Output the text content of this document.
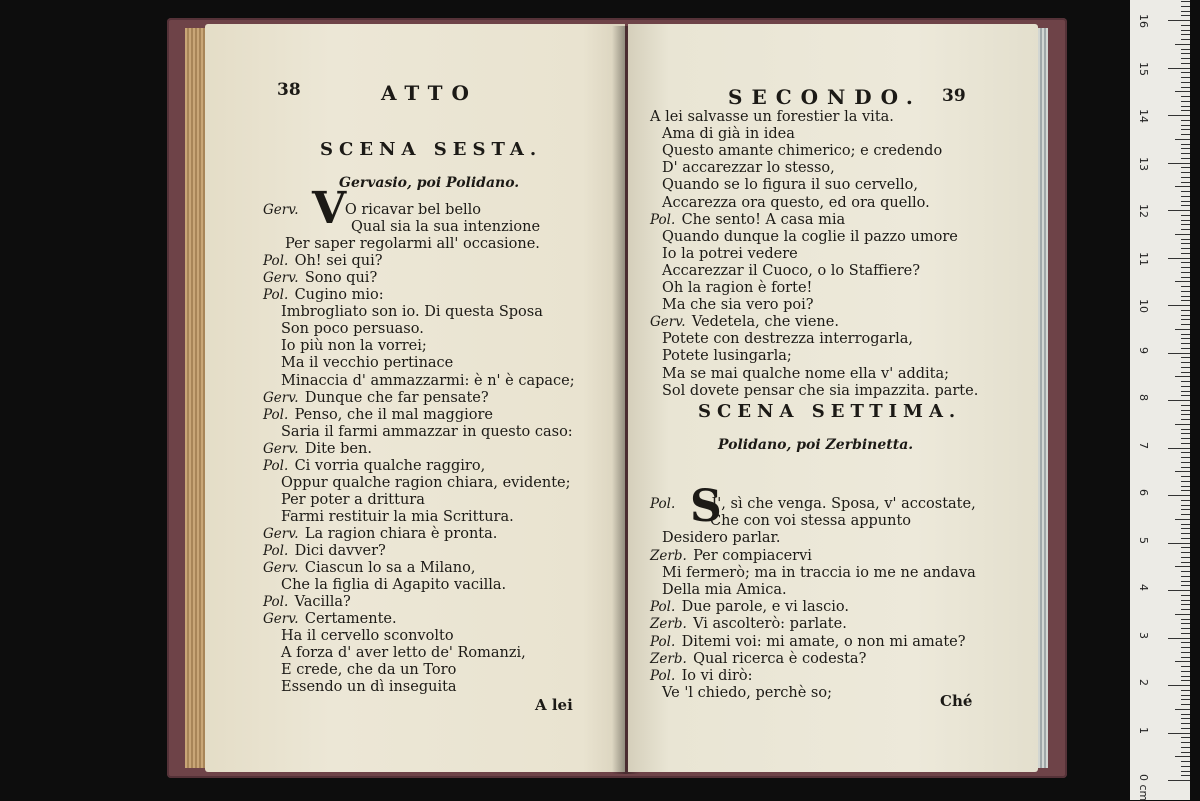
38	ATTO
SCENA SESTA.
Gervasio, poi Polidano.
V
Gerv.	O ricavar bel bello
Qual sia la sua intenzione
Per saper regolarmi all' occasione.
Pol. Oh! sei qui?
Gerv. Sono qui?
Pol. Cugino mio:
Imbrogliato son io. Di questa Sposa
Son poco persuaso.
Io più non la vorrei;
Ma il vecchio pertinace
Minaccia d' ammazzarmi: è n' è capace;
Gerv. Dunque che far pensate?
Pol. Penso, che il mal maggiore
Saria il farmi ammazzar in questo caso:
Gerv. Dite ben.
Pol. Ci vorria qualche raggiro,
Oppur qualche ragion chiara, evidente;
Per poter a drittura
Farmi restituir la mia Scrittura.
Gerv. La ragion chiara è pronta.
Pol. Dici davver?
Gerv. Ciascun lo sa a Milano,
Che la figlia di Agapito vacilla.
Pol. Vacilla?
Gerv. Certamente.
Ha il cervello sconvolto
A forza d' aver letto de' Romanzi,
E crede, che da un Toro
Essendo un dì inseguita
A lei
SECONDO. 39
A lei salvasse un forestier la vita.
Ama di già in idea
Questo amante chimerico; e credendo
D' accarezzar lo stesso,
Quando se lo figura il suo cervello,
Accarezza ora questo, ed ora quello.
Pol. Che sento! A casa mia
Quando dunque la coglie il pazzo umore
Io la potrei vedere
Accarezzar il Cuoco, o lo Staffiere?
Oh la ragion è forte!
Ma che sia vero poi?
Gerv. Vedetela, che viene.
Potete con destrezza interrogarla,
Potete lusingarla;
Ma se mai qualche nome ella v' addita;
Sol dovete pensar che sia impazzita. parte.
SCENA SETTIMA.
Polidano, poi Zerbinetta.
S
Pol. I', sì che venga. Sposa, v' accostate,
Che con voi stessa appunto
Desidero parlar.
Zerb. Per compiacervi
Mi fermerò; ma in traccia io me ne andava
Della mia Amica.
Pol. Due parole, e vi lascio.
Zerb. Vi ascolterò: parlate.
Pol. Ditemi voi: mi amate, o non mi amate?
Zerb. Qual ricerca è codesta?
Pol. Io vi dirò:
Ve 'l chiedo, perchè so;	Ché
0 cm
1
2
3
4
5
6
7
8
9
10
11
12
13
14
15
16
